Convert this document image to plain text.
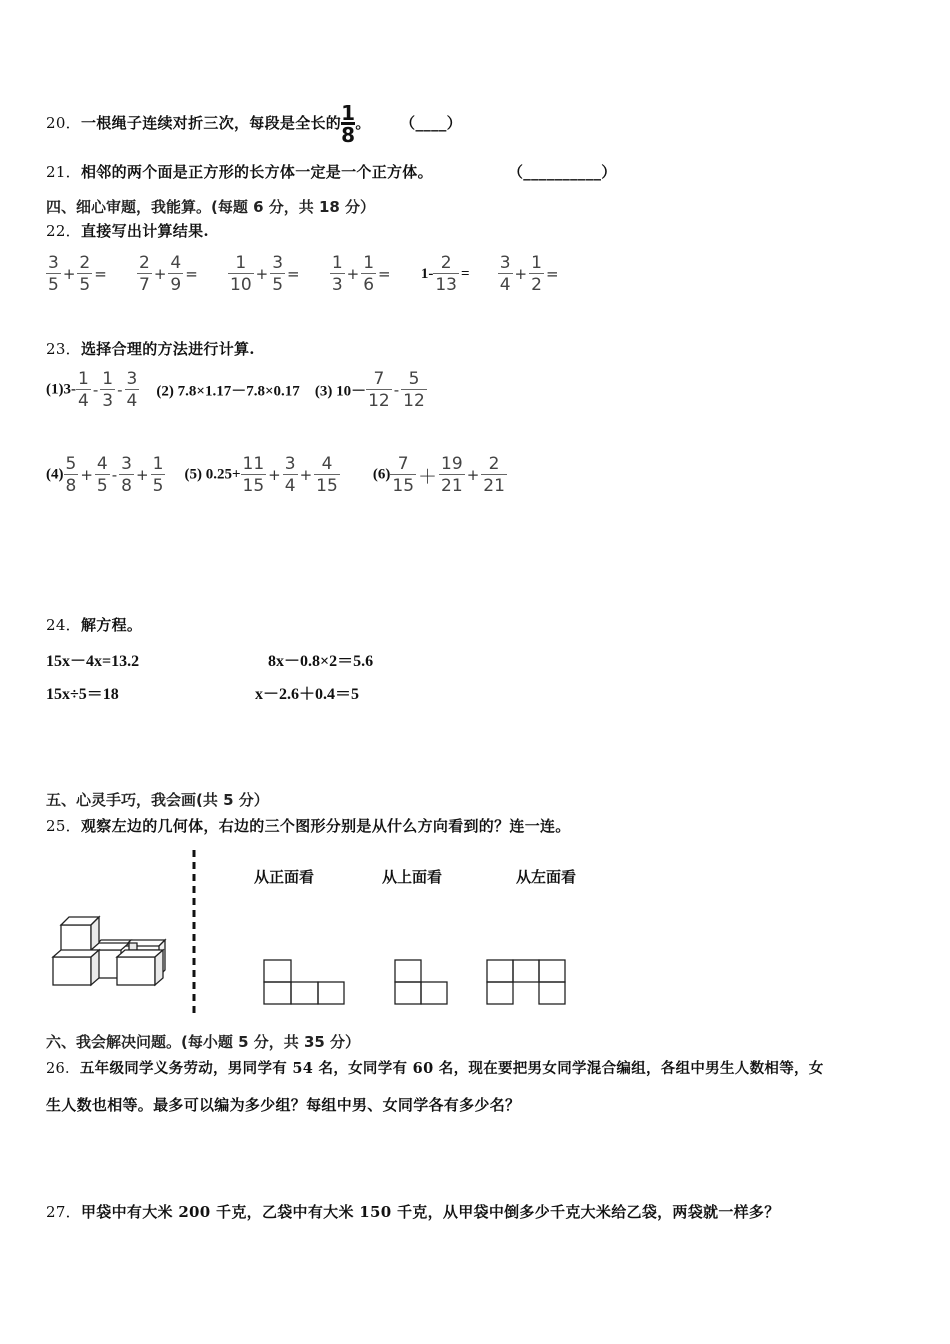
20．一根绳子连续对折三次，每段是全长的 $\frac{1}{8}$ 。 （____）
21．相邻的两个面是正方形的长方体一定是一个正方体。	（__________）
四、细心审题，我能算。(每题 6 分，共 18 分）
22．直接写出计算结果.
$\frac{3}{5} + \frac{2}{5} = \frac{2}{7} + \frac{4}{9} = \frac{1}{10} + \frac{3}{5} = \frac{1}{3} + \frac{1}{6} = 1- \frac{2}{13} = \frac{3}{4} + \frac{1}{2}$ =
23．选择合理的方法进行计算.
$(1)3- \frac{1}{4} - \frac{1}{3} - \frac{3}{4} (2)$ 7.8×1.17－7.8×0.17 (3) $10- \frac{7}{12} - \frac{5}{12}$
$(4) \frac{5}{8} + \frac{4}{5} - \frac{3}{8} + \frac{1}{5} (5)$ $0.25+ \frac{11}{15} + \frac{3}{4} + \frac{4}{15} (6) \frac{7}{15} + \frac{19}{21} + \frac{2}{21}$
24．解方程。
15x－4x=13.2	8x－0.8×2＝5.6
15x÷5＝18	x－2.6＋0.4＝5
五、心灵手巧，我会画(共 5 分）
25．观察左边的几何体，右边的三个图形分别是从什么方向看到的？连一连。
从正面看	从上面看	从左面看
六、我会解决问题。(每小题 5 分，共 35 分）
26．五年级同学义务劳动，男同学有 54 名，女同学有 60 名，现在要把男女同学混合编组，各组中男生人数相等，女
生人数也相等。最多可以编为多少组？每组中男、女同学各有多少名？
27．甲袋中有大米 200 千克，乙袋中有大米 150 千克，从甲袋中倒多少千克大米给乙袋，两袋就一样多？
